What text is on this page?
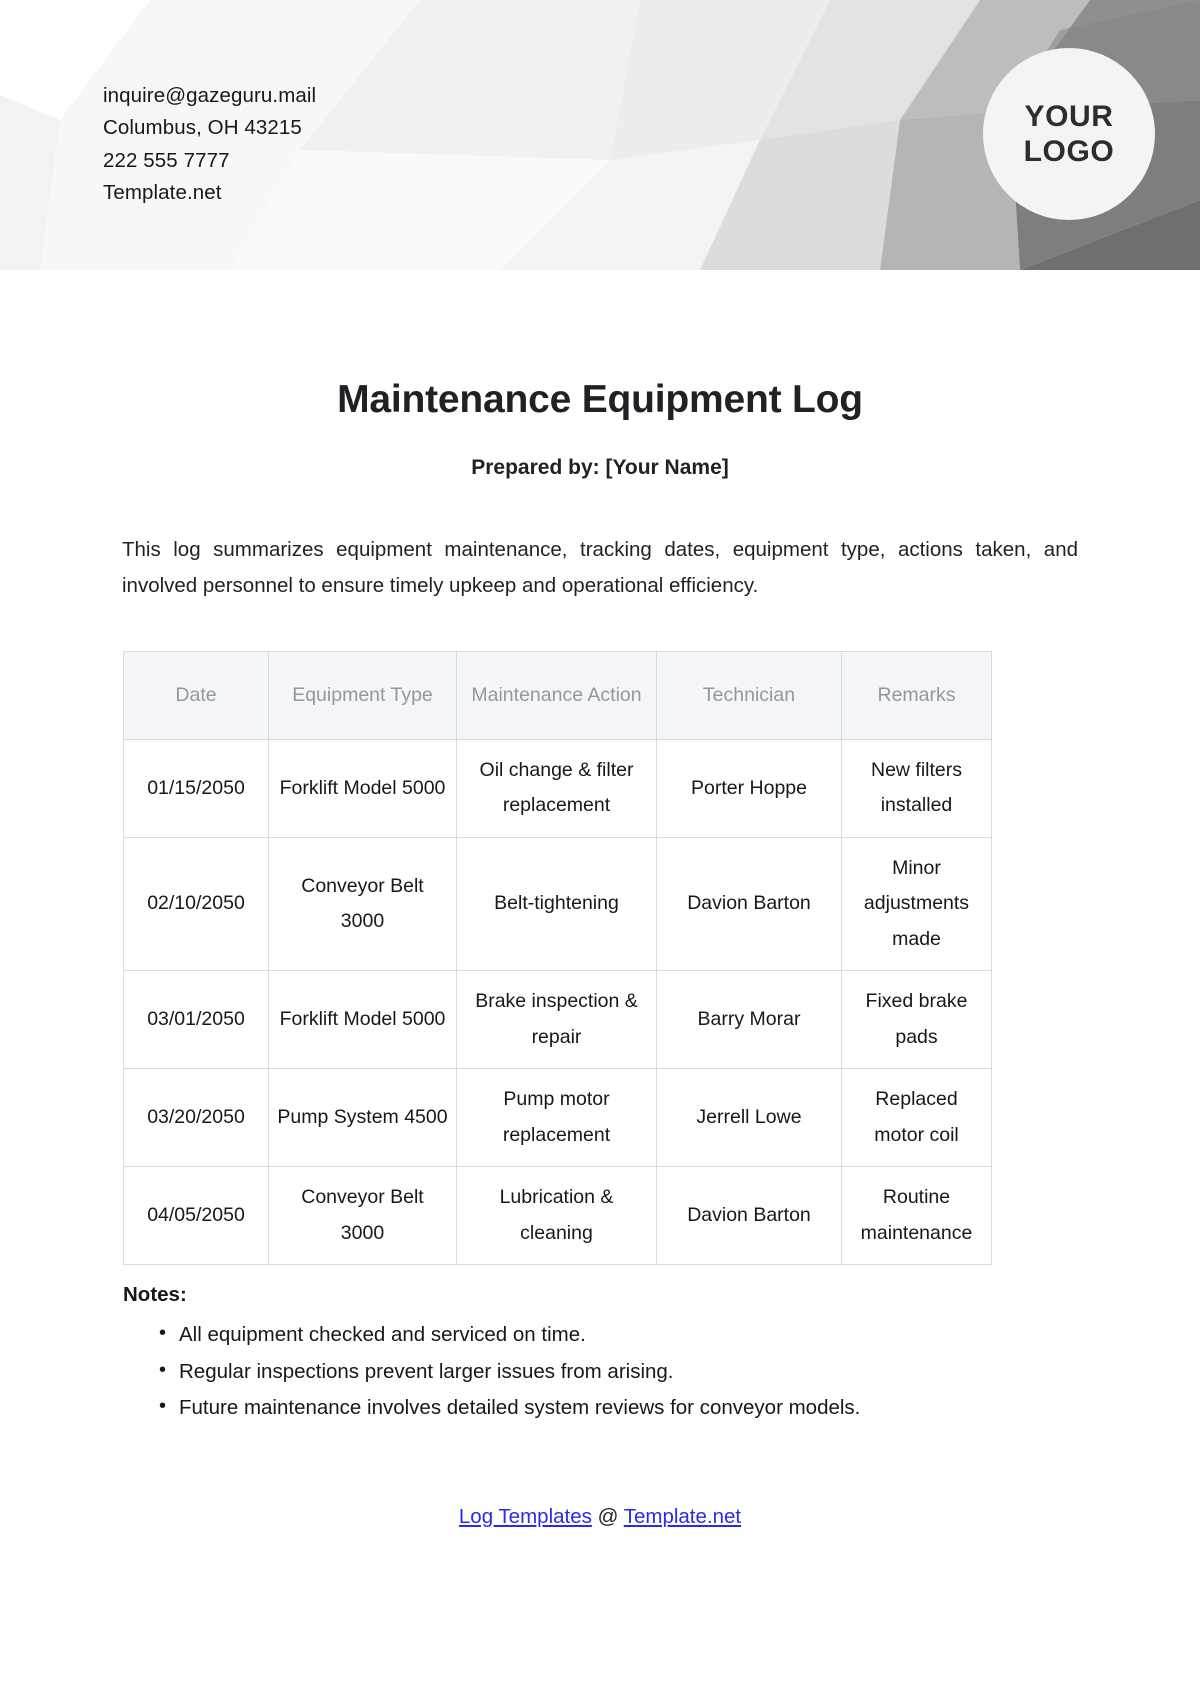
inquire@gazeguru.mail
Columbus, OH 43215
222 555 7777
Template.net
YOUR
LOGO
Maintenance Equipment Log
Prepared by: [Your Name]

This log summarizes equipment maintenance, tracking dates, equipment type, actions taken, and involved personnel to ensure timely upkeep and operational efficiency.

Date	Equipment Type	Maintenance Action	Technician	Remarks
01/15/2050	Forklift Model 5000	Oil change & filter replacement	Porter Hoppe	New filters installed
02/10/2050	Conveyor Belt 3000	Belt-tightening	Davion Barton	Minor adjustments made
03/01/2050	Forklift Model 5000	Brake inspection & repair	Barry Morar	Fixed brake pads
03/20/2050	Pump System 4500	Pump motor replacement	Jerrell Lowe	Replaced motor coil
04/05/2050	Conveyor Belt 3000	Lubrication & cleaning	Davion Barton	Routine maintenance
Notes:
• All equipment checked and serviced on time.
• Regular inspections prevent larger issues from arising.
• Future maintenance involves detailed system reviews for conveyor models.
Log Templates @ Template.net
